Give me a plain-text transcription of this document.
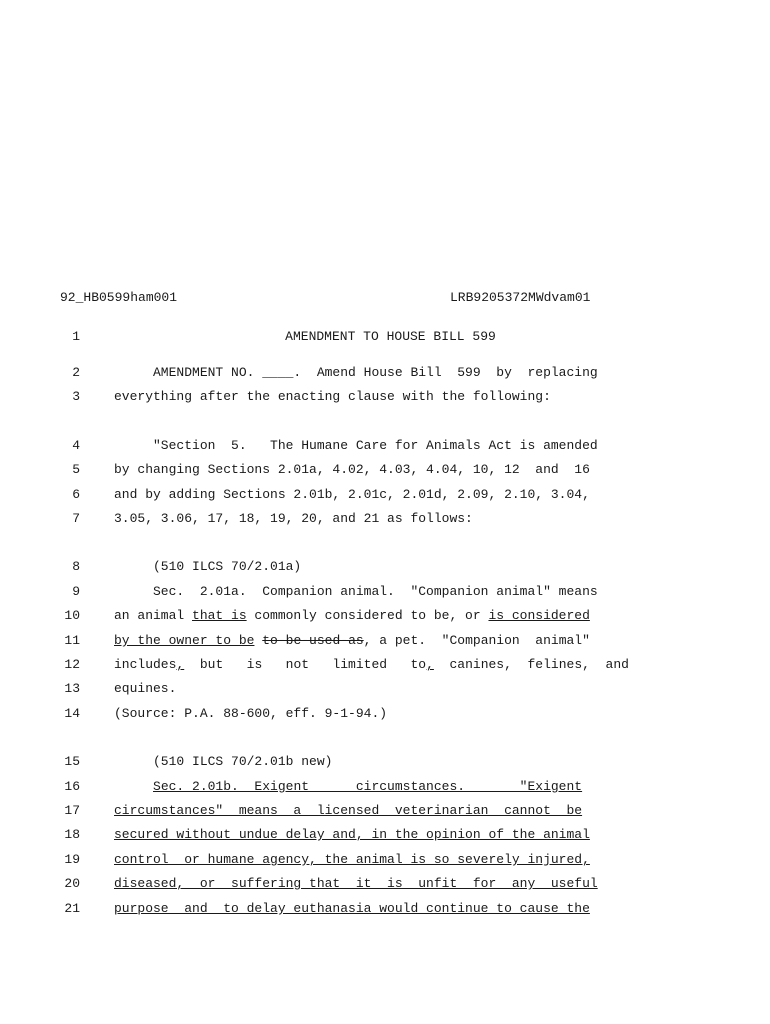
92_HB0599ham001	LRB9205372MWdvam01
1	AMENDMENT TO HOUSE BILL 599
2	AMENDMENT NO. ____.  Amend House Bill  599  by  replacing
3	everything after the enacting clause with the following:
4	"Section  5.   The Humane Care for Animals Act is amended
5	by changing Sections 2.01a, 4.02, 4.03, 4.04, 10, 12  and  16
6	and by adding Sections 2.01b, 2.01c, 2.01d, 2.09, 2.10, 3.04,
7	3.05, 3.06, 17, 18, 19, 20, and 21 as follows:
8	(510 ILCS 70/2.01a)
9	Sec.  2.01a.  Companion animal.  "Companion animal" means
10	an animal that is commonly considered to be, or is considered
11	by the owner to be to-be-used-as, a pet.  "Companion  animal"
12	includes,  but   is   not   limited   to,  canines,  felines,  and
13	equines.
14	(Source: P.A. 88-600, eff. 9-1-94.)
15	(510 ILCS 70/2.01b new)
16	Sec. 2.01b.  Exigent      circumstances.       "Exigent
17	circumstances"  means  a  licensed  veterinarian  cannot  be
18	secured without undue delay and, in the opinion of the animal
19	control  or humane agency, the animal is so severely injured,
20	diseased,  or  suffering that  it  is  unfit  for  any  useful
21	purpose  and  to delay euthanasia would continue to cause the
